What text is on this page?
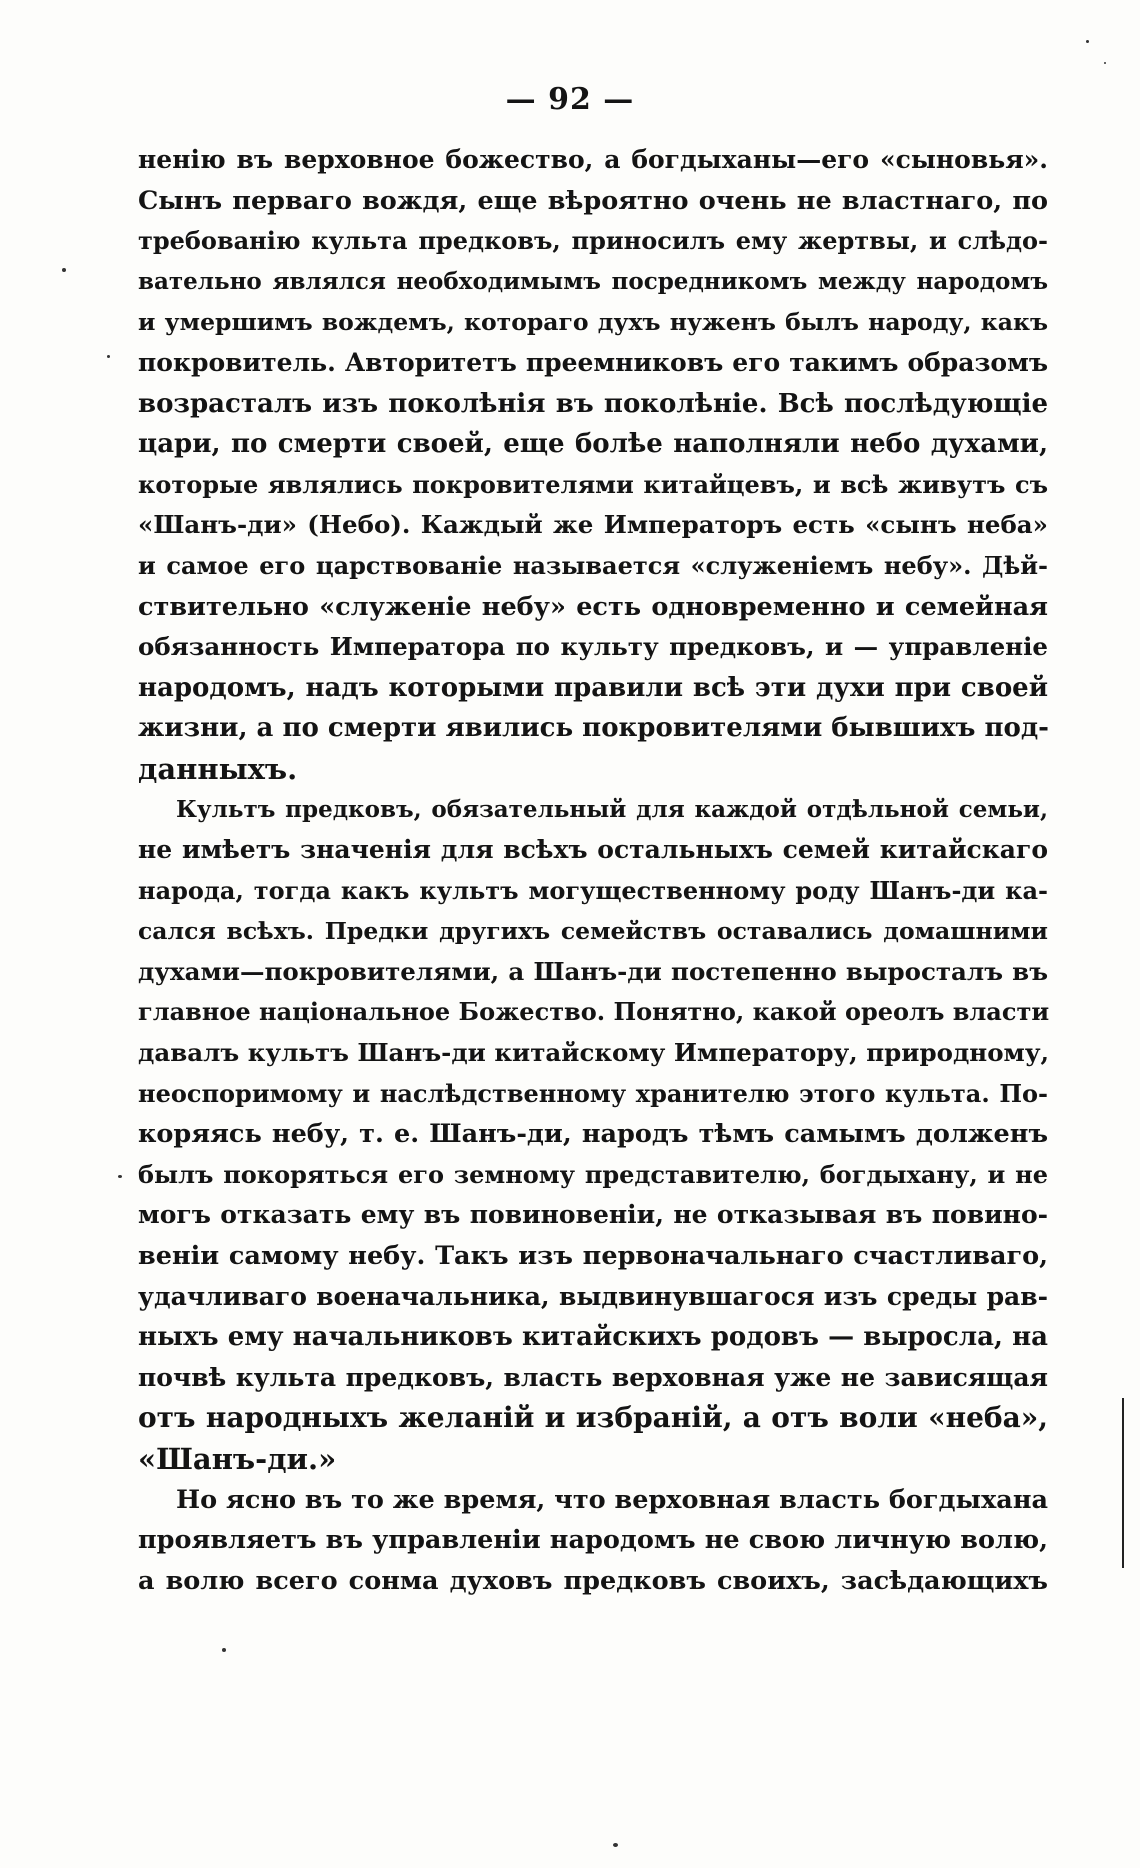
— 92 —
ненію въ верховное божество, а богдыханы—его «сыновья».
Сынъ перваго вождя, еще вѣроятно очень не властнаго, по
требованію культа предковъ, приносилъ ему жертвы, и слѣдо-
вательно являлся необходимымъ посредникомъ между народомъ
и умершимъ вождемъ, котораго духъ нуженъ былъ народу, какъ
покровитель. Авторитетъ преемниковъ его такимъ образомъ
возрасталъ изъ поколѣнія въ поколѣніе. Всѣ послѣдующіе
цари, по смерти своей, еще болѣе наполняли небо духами,
которые являлись покровителями китайцевъ, и всѣ живутъ съ
«Шанъ-ди» (Небо). Каждый же Императоръ есть «сынъ неба»
и самое его царствованіе называется «служеніемъ небу». Дѣй-
ствительно «служеніе небу» есть одновременно и семейная
обязанность Императора по культу предковъ, и — управленіе
народомъ, надъ которыми правили всѣ эти духи при своей
жизни, а по смерти явились покровителями бывшихъ под-
данныхъ.
Культъ предковъ, обязательный для каждой отдѣльной семьи,
не имѣетъ значенія для всѣхъ остальныхъ семей китайскаго
народа, тогда какъ культъ могущественному роду Шанъ-ди ка-
сался всѣхъ. Предки другихъ семействъ оставались домашними
духами—покровителями, а Шанъ-ди постепенно выросталъ въ
главное національное Божество. Понятно, какой ореолъ власти
давалъ культъ Шанъ-ди китайскому Императору, природному,
неоспоримому и наслѣдственному хранителю этого культа. По-
коряясь небу, т. е. Шанъ-ди, народъ тѣмъ самымъ долженъ
былъ покоряться его земному представителю, богдыхану, и не
могъ отказать ему въ повиновеніи, не отказывая въ повино-
веніи самому небу. Такъ изъ первоначальнаго счастливаго,
удачливаго военачальника, выдвинувшагося изъ среды рав-
ныхъ ему начальниковъ китайскихъ родовъ — выросла, на
почвѣ культа предковъ, власть верховная уже не зависящая
отъ народныхъ желаній и избраній, а отъ воли «неба»,
«Шанъ-ди.»
Но ясно въ то же время, что верховная власть богдыхана
проявляетъ въ управленіи народомъ не свою личную волю,
а волю всего сонма духовъ предковъ своихъ, засѣдающихъ
